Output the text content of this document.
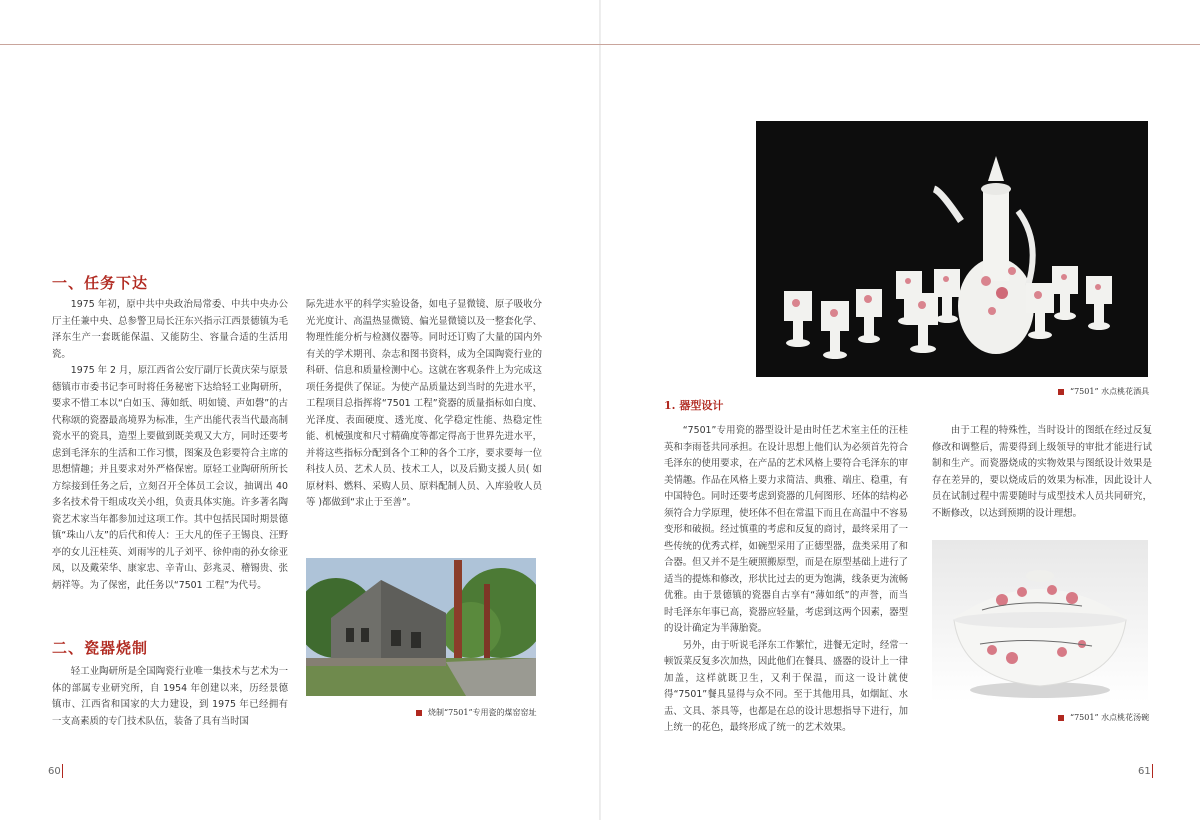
一、任务下达

1975 年初，原中共中央政治局常委、中共中央办公厅主任兼中央、总参警卫局长汪东兴指示江西景德镇为毛泽东生产一套既能保温、又能防尘、容量合适的生活用瓷。

1975 年 2 月，原江西省公安厅副厅长黄庆荣与原景德镇市市委书记李可时将任务秘密下达给轻工业陶研所，要求不惜工本以“白如玉、薄如纸、明如镜、声如磬”的古代称颂的瓷器最高境界为标准，生产出能代表当代最高制瓷水平的瓷具，造型上要做到既美观又大方，同时还要考虑到毛泽东的生活和工作习惯，图案及色彩要符合主席的思想情趣；并且要求对外严格保密。原轻工业陶研所所长方综接到任务之后，立刻召开全体员工会议，抽调出 40 多名技术骨干组成攻关小组，负责具体实施。许多著名陶瓷艺术家当年都参加过这项工作。其中包括民国时期景德镇“珠山八友”的后代和传人：王大凡的侄子王锡良、汪野亭的女儿汪桂英、刘雨岑的儿子刘平、徐仲南的孙女徐亚凤，以及戴荣华、康家忠、辛青山、彭兆灵、稽锡贵、张炳祥等。为了保密，此任务以“7501 工程”为代号。

际先进水平的科学实验设备，如电子显微镜、原子吸收分光光度计、高温热显微镜、偏光显微镜以及一整套化学、物理性能分析与检测仪器等。同时还订购了大量的国内外有关的学术期刊、杂志和图书资料，成为全国陶瓷行业的科研、信息和质量检测中心。这就在客观条件上为完成这项任务提供了保证。为使产品质量达到当时的先进水平，工程项目总指挥将“7501 工程”瓷器的质量指标如白度、光泽度、表面硬度、透光度、化学稳定性能、热稳定性能、机械强度和尺寸精确度等都定得高于世界先进水平，并将这些指标分配到各个工种的各个工序，要求要每一位科技人员、艺术人员、技术工人，以及后勤支援人员( 如原材料、燃料、采购人员、原料配制人员、入库验收人员等 )都做到“求止于至善”。

烧制“7501”专用瓷的煤窑窑址
二、瓷器烧制

轻工业陶研所是全国陶瓷行业唯一集技术与艺术为一体的部属专业研究所，自 1954 年创建以来，历经景德镇市、江西省和国家的大力建设，到 1975 年已经拥有一支高素质的专门技术队伍，装备了具有当时国

60
“7501” 水点桃花酒具
1. 器型设计

“7501”专用瓷的器型设计是由时任艺术室主任的汪桂英和李雨苍共同承担。在设计思想上他们认为必须首先符合毛泽东的使用要求，在产品的艺术风格上要符合毛泽东的审美情趣。作品在风格上要力求简洁、典雅、端庄、稳重，有中国特色。同时还要考虑到瓷器的几何图形、坯体的结构必须符合力学原理，使坯体不但在常温下而且在高温中不容易变形和破损。经过慎重的考虑和反复的商讨，最终采用了一些传统的优秀式样，如碗型采用了正德型器，盘类采用了和合器。但又并不是生硬照搬原型，而是在原型基础上进行了适当的提炼和修改，形状比过去的更为饱满，线条更为流畅优雅。由于景德镇的瓷器自古享有“薄如纸”的声誉，而当时毛泽东年事已高，瓷器应轻量，考虑到这两个因素，器型的设计确定为半薄胎瓷。

另外，由于听说毛泽东工作繁忙，进餐无定时，经常一顿饭菜反复多次加热，因此他们在餐具、盛器的设计上一律加盖，这样就既卫生，又利于保温，而这一设计就使得“7501”餐具显得与众不同。至于其他用具，如烟缸、水盂、文具、茶具等，也都是在总的设计思想指导下进行，加上统一的花色，最终形成了统一的艺术效果。

由于工程的特殊性，当时设计的图纸在经过反复修改和调整后，需要得到上级领导的审批才能进行试制和生产。而瓷器烧成的实物效果与图纸设计效果是存在差异的，要以烧成后的效果为标准，因此设计人员在试制过程中需要随时与成型技术人员共同研究，不断修改，以达到预期的设计理想。

“7501” 水点桃花汤碗
61
